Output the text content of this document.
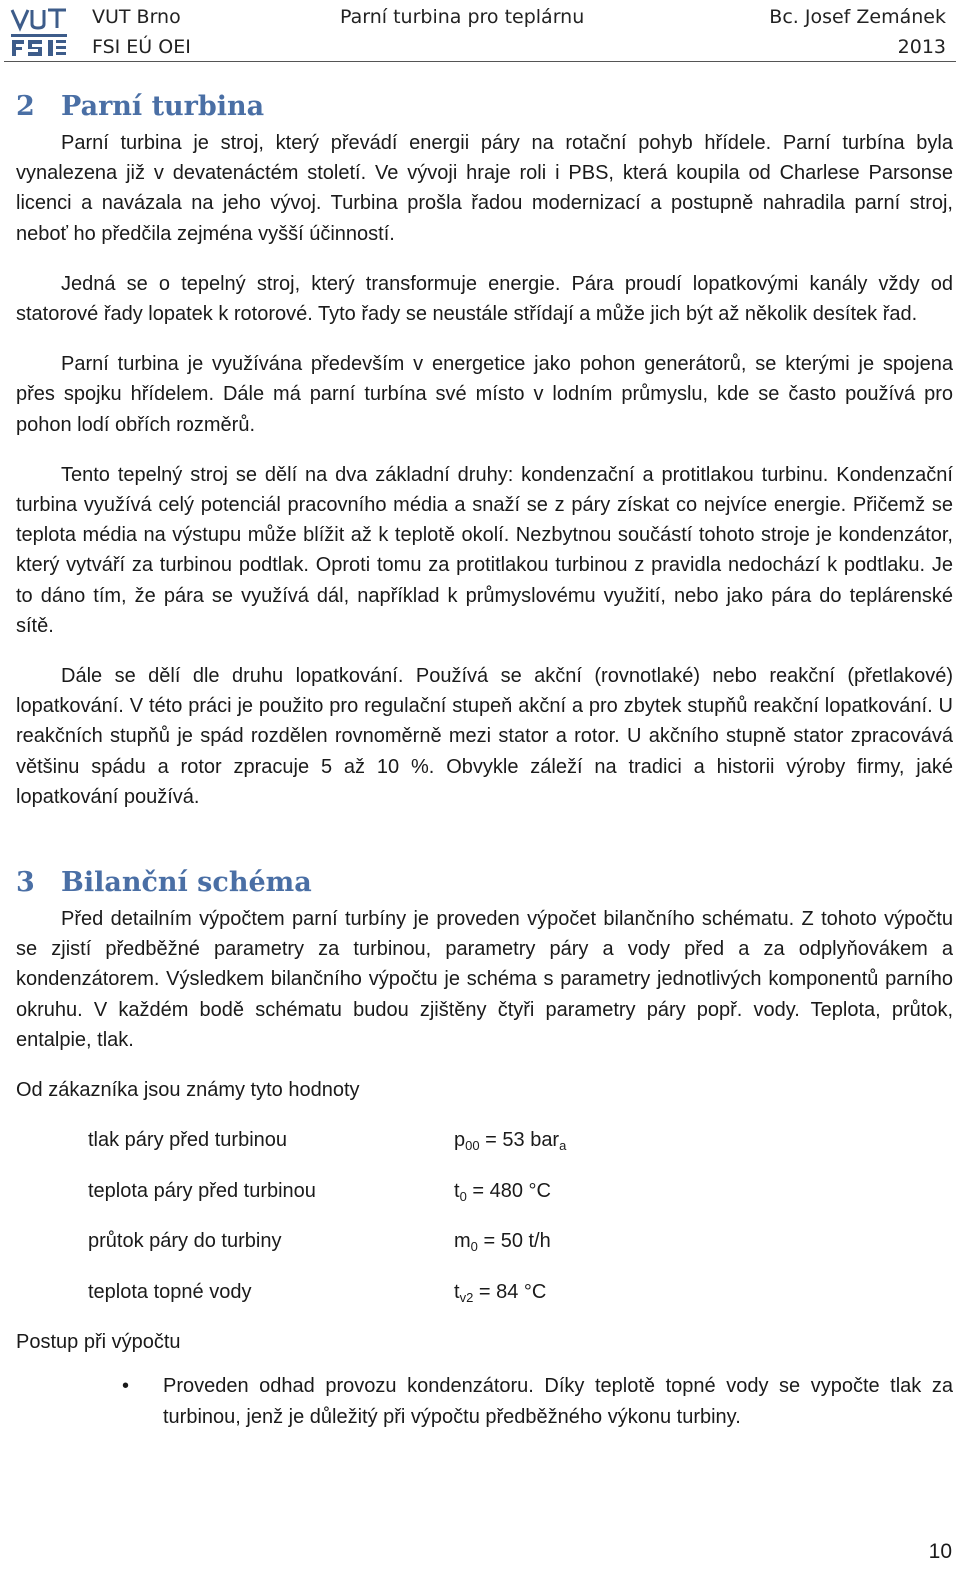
VUT Brno
FSI EÚ OEI
Parní turbina pro teplárnu	Bc. Josef Zemánek
2013
2 Parní turbina

Parní turbina je stroj, který převádí energii páry na rotační pohyb hřídele. Parní turbína byla vynalezena již v devatenáctém století. Ve vývoji hraje roli i PBS, která koupila od Charlese Parsonse licenci a navázala na jeho vývoj. Turbina prošla řadou modernizací a postupně nahradila parní stroj, neboť ho předčila zejména vyšší účinností.

Jedná se o tepelný stroj, který transformuje energie. Pára proudí lopatkovými kanály vždy od statorové řady lopatek k rotorové. Tyto řady se neustále střídají a může jich být až několik desítek řad.

Parní turbina je využívána především v energetice jako pohon generátorů, se kterými je spojena přes spojku hřídelem. Dále má parní turbína své místo v lodním průmyslu, kde se často používá pro pohon lodí obřích rozměrů.

Tento tepelný stroj se dělí na dva základní druhy: kondenzační a protitlakou turbinu. Kondenzační turbina využívá celý potenciál pracovního média a snaží se z páry získat co nejvíce energie. Přičemž se teplota média na výstupu může blížit až k teplotě okolí. Nezbytnou součástí tohoto stroje je kondenzátor, který vytváří za turbinou podtlak. Oproti tomu za protitlakou turbinou z pravidla nedochází k podtlaku. Je to dáno tím, že pára se využívá dál, například k průmyslovému využití, nebo jako pára do teplárenské sítě.

Dále se dělí dle druhu lopatkování. Používá se akční (rovnotlaké) nebo reakční (přetlakové) lopatkování. V této práci je použito pro regulační stupeň akční a pro zbytek stupňů reakční lopatkování. U reakčních stupňů je spád rozdělen rovnoměrně mezi stator a rotor. U akčního stupně stator zpracovává většinu spádu a rotor zpracuje 5 až 10 %. Obvykle záleží na tradici a historii výroby firmy, jaké lopatkování používá.

3 Bilanční schéma

Před detailním výpočtem parní turbíny je proveden výpočet bilančního schématu. Z tohoto výpočtu se zjistí předběžné parametry za turbinou, parametry páry a vody před a za odplyňovákem a kondenzátorem. Výsledkem bilančního výpočtu je schéma s parametry jednotlivých komponentů parního okruhu. V každém bodě schématu budou zjištěny čtyři parametry páry popř. vody. Teplota, průtok, entalpie, tlak.

Od zákazníka jsou známy tyto hodnoty

tlak páry před turbinou	$p_{00} = 53$ bar$_a$
teplota páry před turbinou	$t_0 = 480$ °C
průtok páry do turbiny	$m_0 = 50$ t/h
teplota topné vody	$t_{v2} = 84$ °C

Postup při výpočtu

• Proveden odhad provozu kondenzátoru. Díky teplotě topné vody se vypočte tlak za turbinou, jenž je důležitý při výpočtu předběžného výkonu turbiny.
10
